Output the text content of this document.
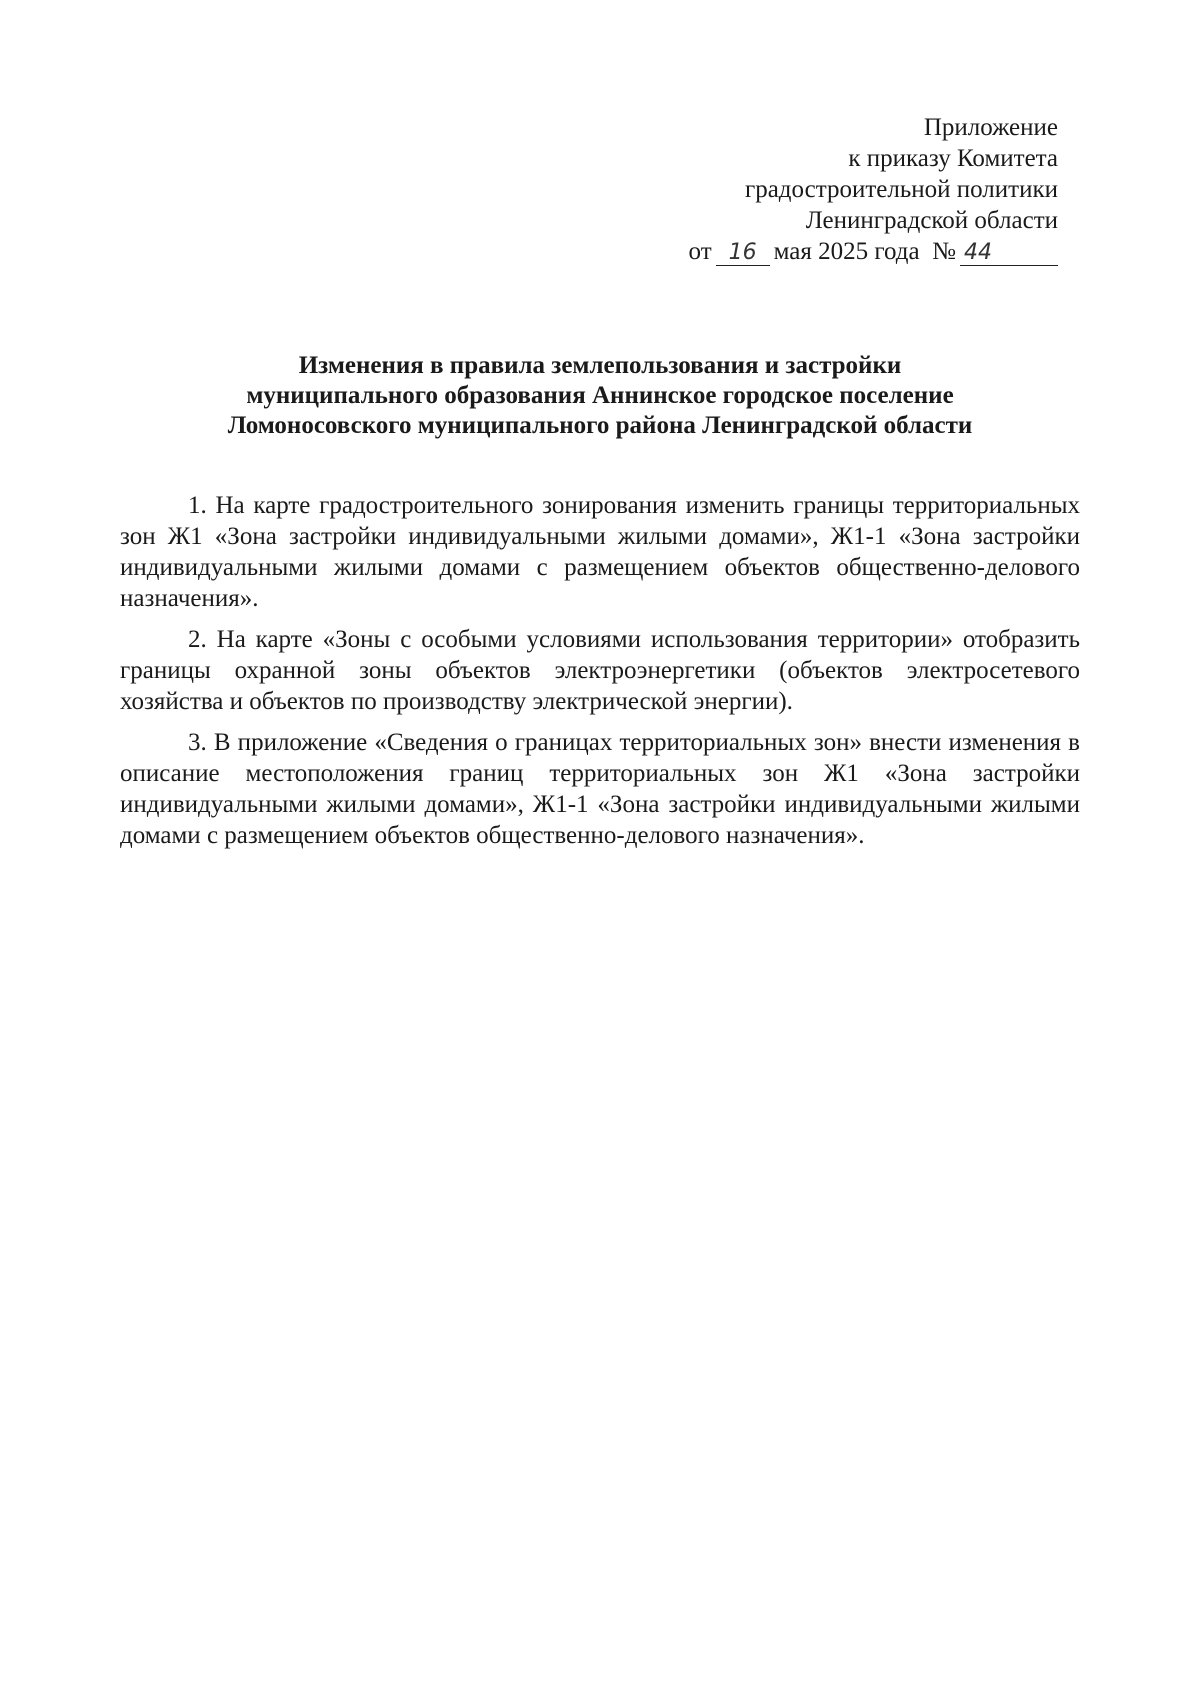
Приложение
к приказу Комитета
градостроительной политики
Ленинградской области
от 16 мая 2025 года № 44
Изменения в правила землепользования и застройки
муниципального образования Аннинское городское поселение
Ломоносовского муниципального района Ленинградской области

1. На карте градостроительного зонирования изменить границы территориальных зон Ж1 «Зона застройки индивидуальными жилыми домами», Ж1-1 «Зона застройки индивидуальными жилыми домами с размещением объектов общественно-делового назначения».

2. На карте «Зоны с особыми условиями использования территории» отобразить границы охранной зоны объектов электроэнергетики (объектов электросетевого хозяйства и объектов по производству электрической энергии).

3. В приложение «Сведения о границах территориальных зон» внести изменения в описание местоположения границ территориальных зон Ж1 «Зона застройки индивидуальными жилыми домами», Ж1-1 «Зона застройки индивидуальными жилыми домами с размещением объектов общественно-делового назначения».
